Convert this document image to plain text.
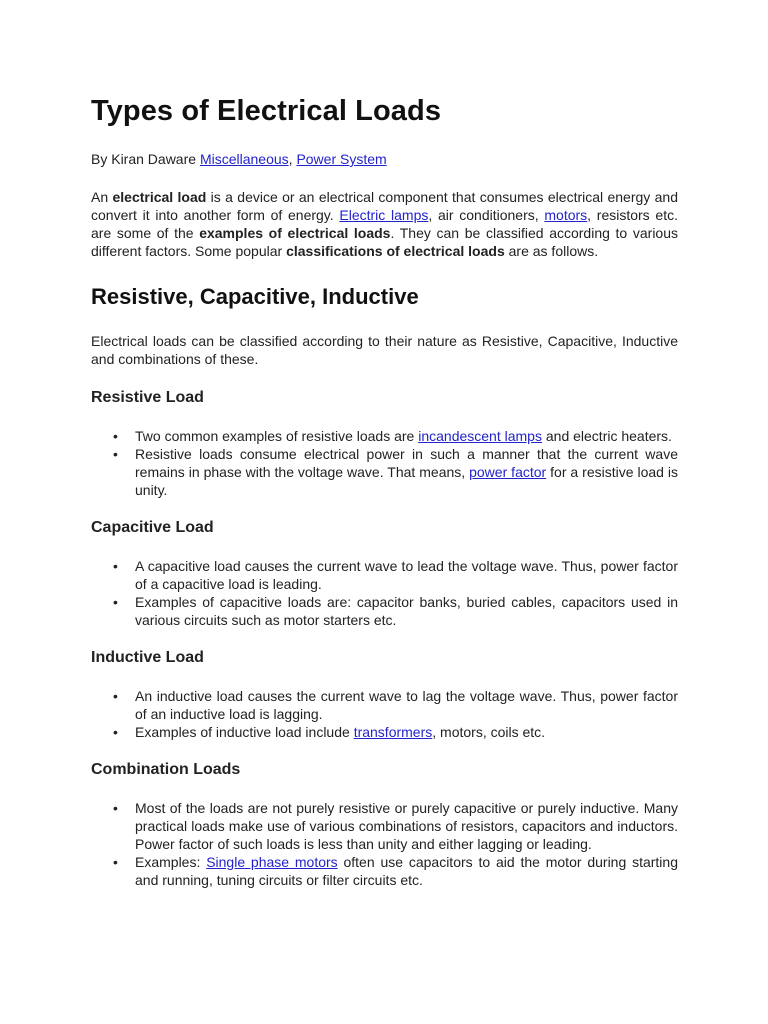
Types of Electrical Loads
By Kiran Daware Miscellaneous, Power System

An electrical load is a device or an electrical component that consumes electrical energy and convert it into another form of energy. Electric lamps, air conditioners, motors, resistors etc. are some of the examples of electrical loads. They can be classified according to various different factors. Some popular classifications of electrical loads are as follows.

Resistive, Capacitive, Inductive

Electrical loads can be classified according to their nature as Resistive, Capacitive, Inductive and combinations of these.

Resistive Load
• Two common examples of resistive loads are incandescent lamps and electric heaters.
• Resistive loads consume electrical power in such a manner that the current wave remains in phase with the voltage wave. That means, power factor for a resistive load is unity.
Capacitive Load
• A capacitive load causes the current wave to lead the voltage wave. Thus, power factor of a capacitive load is leading.
• Examples of capacitive loads are: capacitor banks, buried cables, capacitors used in various circuits such as motor starters etc.
Inductive Load
• An inductive load causes the current wave to lag the voltage wave. Thus, power factor of an inductive load is lagging.
• Examples of inductive load include transformers, motors, coils etc.
Combination Loads
• Most of the loads are not purely resistive or purely capacitive or purely inductive. Many practical loads make use of various combinations of resistors, capacitors and inductors. Power factor of such loads is less than unity and either lagging or leading.
• Examples: Single phase motors often use capacitors to aid the motor during starting and running, tuning circuits or filter circuits etc.
